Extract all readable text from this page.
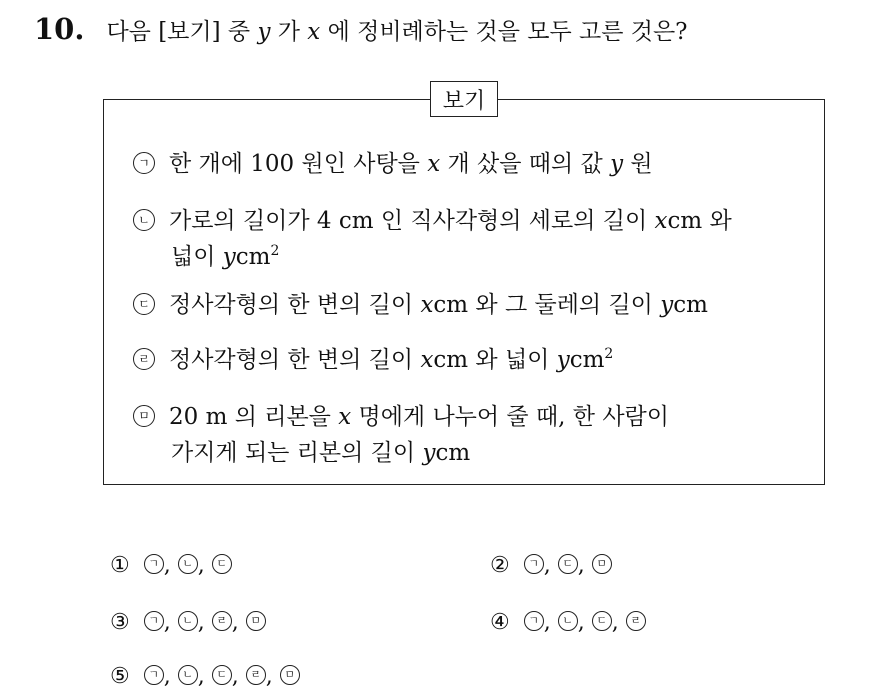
10. 다음 [보기] 중 y 가 x 에 정비례하는 것을 모두 고른 것은?
보기
ㄱ 한 개에 100 원인 사탕을 x 개 샀을 때의 값 y 원
ㄴ 가로의 길이가 4 cm 인 직사각형의 세로의 길이 xcm 와
넓이 ycm$^2$
ㄷ 정사각형의 한 변의 길이 xcm 와 그 둘레의 길이 ycm
ㄹ 정사각형의 한 변의 길이 xcm 와 넓이 ycm$^2$
ㅁ 20 m 의 리본을 x 명에게 나누어 줄 때, 한 사람이
가지게 되는 리본의 길이 ycm
① ㄱ , ㄴ , ㄷ	② ㄱ , ㄷ , ㅁ
③ ㄱ , ㄴ , ㄹ , ㅁ	④ ㄱ , ㄴ , ㄷ , ㄹ
⑤ ㄱ , ㄴ , ㄷ , ㄹ , ㅁ
